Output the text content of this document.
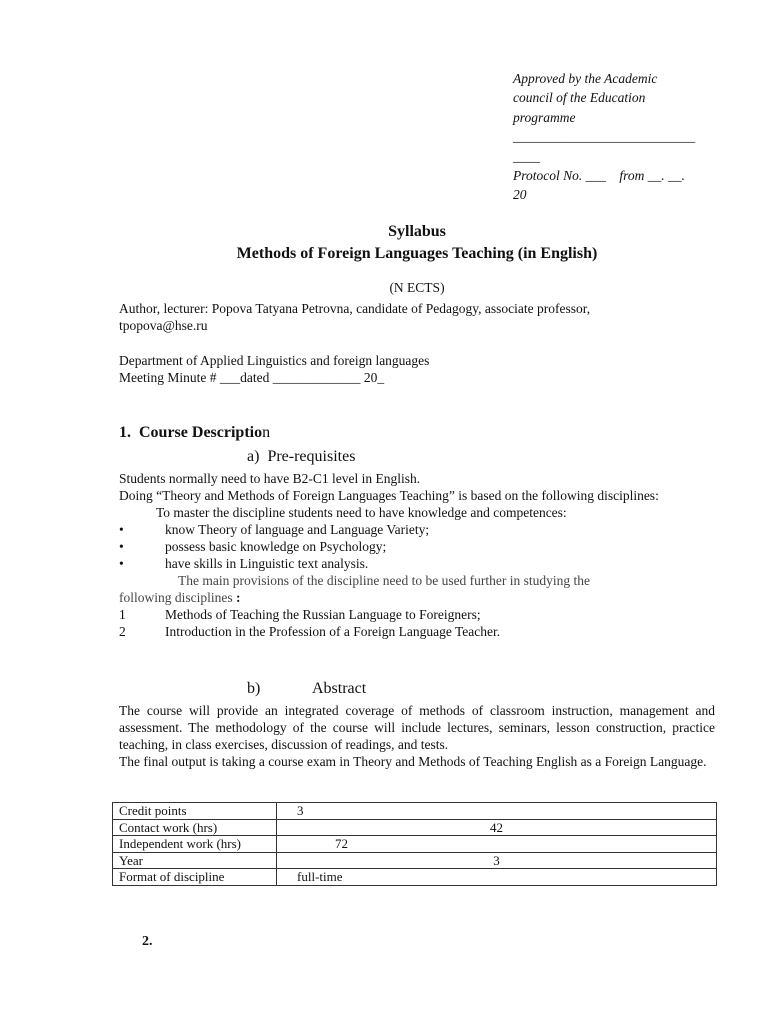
Approved by the Academic
council of the Education
programme
___________________________
____
Protocol No. ___    from __. __.
20
Syllabus
Methods of Foreign Languages Teaching (in English)
(N ECTS)
Author, lecturer: Popova Tatyana Petrovna, candidate of Pedagogy, associate professor,
tpopova@hse.ru
Department of Applied Linguistics and foreign languages
Meeting Minute # ___dated _____________ 20_
1. Course Description
a) Pre-requisites
Students normally need to have B2-C1 level in English.
Doing “Theory and Methods of Foreign Languages Teaching” is based on the following disciplines:
To master the discipline students need to have knowledge and competences:
•	know Theory of language and Language Variety;
•	possess basic knowledge on Psychology;
•	have skills in Linguistic text analysis.
The main provisions of the discipline need to be used further in studying the
following disciplines :
1	Methods of Teaching the Russian Language to Foreigners;
2	Introduction in the Profession of a Foreign Language Teacher.
b)	Abstract
The course will provide an integrated coverage of methods of classroom instruction, management and assessment. The methodology of the course will include lectures, seminars, lesson construction, practice teaching, in class exercises, discussion of readings, and tests.
The final output is taking a course exam in Theory and Methods of Teaching English as a Foreign Language.
Credit points	3
Contact work (hrs)	42
Independent work (hrs)	72
Year	3
Format of discipline	full-time
2.
